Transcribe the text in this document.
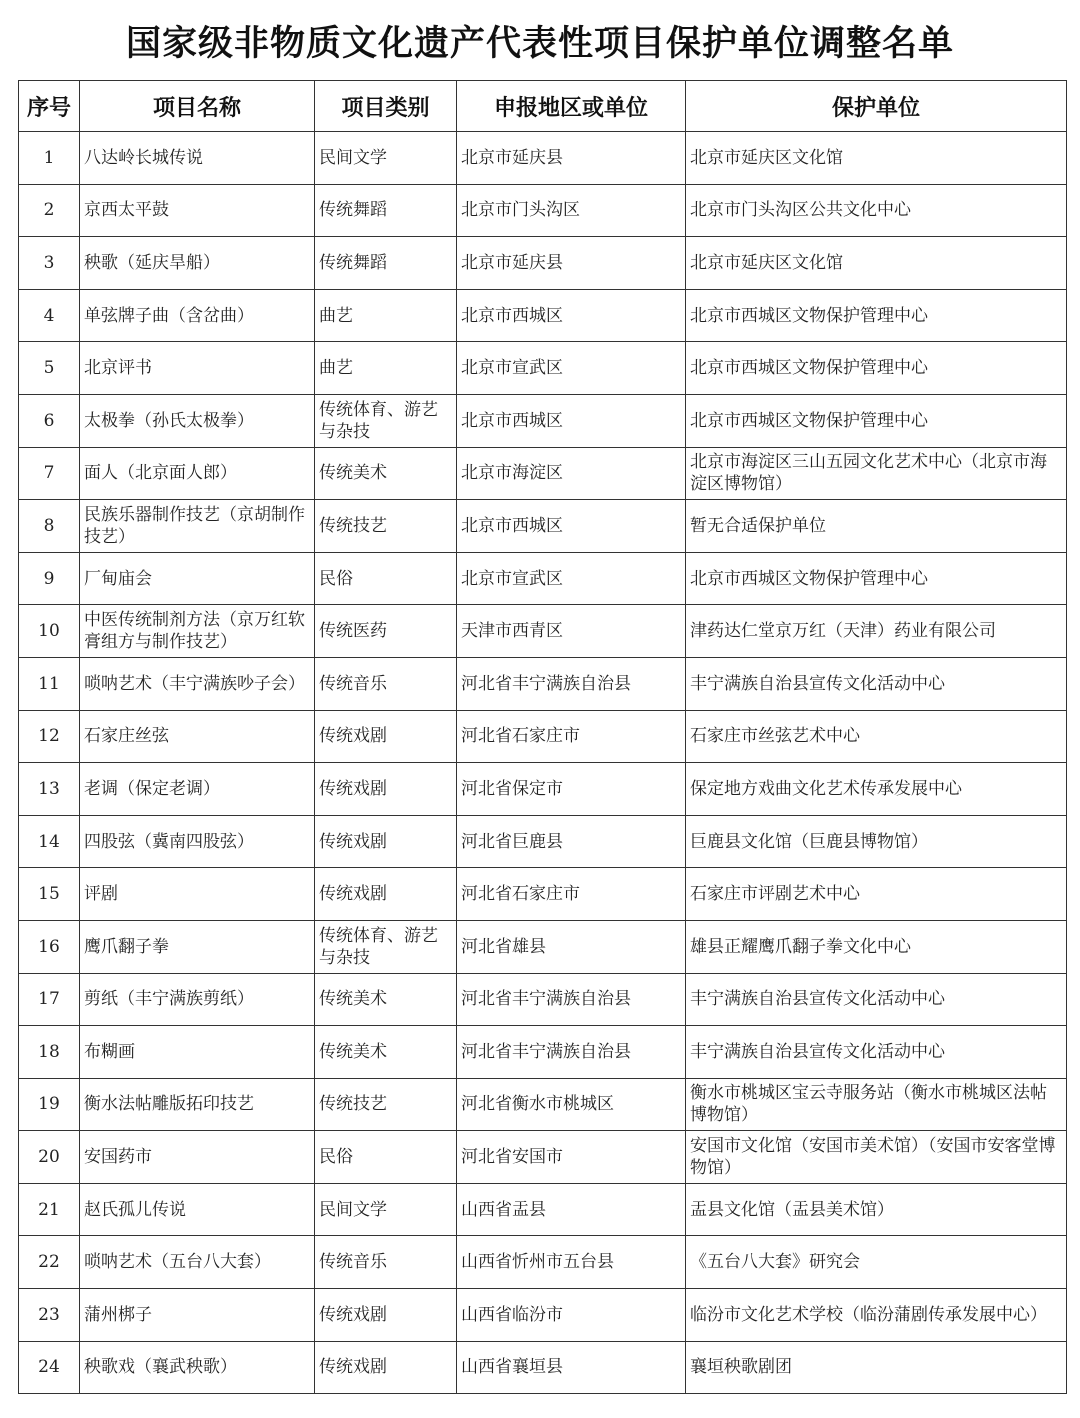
国家级非物质文化遗产代表性项目保护单位调整名单
序号	项目名称	项目类别	申报地区或单位	保护单位
1	八达岭长城传说	民间文学	北京市延庆县	北京市延庆区文化馆
2	京西太平鼓	传统舞蹈	北京市门头沟区	北京市门头沟区公共文化中心
3	秧歌（延庆旱船）	传统舞蹈	北京市延庆县	北京市延庆区文化馆
4	单弦牌子曲（含岔曲）	曲艺	北京市西城区	北京市西城区文物保护管理中心
5	北京评书	曲艺	北京市宣武区	北京市西城区文物保护管理中心
6	太极拳（孙氏太极拳）	传统体育、游艺与杂技	北京市西城区	北京市西城区文物保护管理中心
7	面人（北京面人郎）	传统美术	北京市海淀区	北京市海淀区三山五园文化艺术中心（北京市海淀区博物馆）
8	民族乐器制作技艺（京胡制作技艺）	传统技艺	北京市西城区	暂无合适保护单位
9	厂甸庙会	民俗	北京市宣武区	北京市西城区文物保护管理中心
10	中医传统制剂方法（京万红软膏组方与制作技艺）	传统医药	天津市西青区	津药达仁堂京万红（天津）药业有限公司
11	唢呐艺术（丰宁满族吵子会）	传统音乐	河北省丰宁满族自治县	丰宁满族自治县宣传文化活动中心
12	石家庄丝弦	传统戏剧	河北省石家庄市	石家庄市丝弦艺术中心
13	老调（保定老调）	传统戏剧	河北省保定市	保定地方戏曲文化艺术传承发展中心
14	四股弦（冀南四股弦）	传统戏剧	河北省巨鹿县	巨鹿县文化馆（巨鹿县博物馆）
15	评剧	传统戏剧	河北省石家庄市	石家庄市评剧艺术中心
16	鹰爪翻子拳	传统体育、游艺与杂技	河北省雄县	雄县正耀鹰爪翻子拳文化中心
17	剪纸（丰宁满族剪纸）	传统美术	河北省丰宁满族自治县	丰宁满族自治县宣传文化活动中心
18	布糊画	传统美术	河北省丰宁满族自治县	丰宁满族自治县宣传文化活动中心
19	衡水法帖雕版拓印技艺	传统技艺	河北省衡水市桃城区	衡水市桃城区宝云寺服务站（衡水市桃城区法帖博物馆）
20	安国药市	民俗	河北省安国市	安国市文化馆（安国市美术馆）（安国市安客堂博物馆）
21	赵氏孤儿传说	民间文学	山西省盂县	盂县文化馆（盂县美术馆）
22	唢呐艺术（五台八大套）	传统音乐	山西省忻州市五台县	《五台八大套》研究会
23	蒲州梆子	传统戏剧	山西省临汾市	临汾市文化艺术学校（临汾蒲剧传承发展中心）
24	秧歌戏（襄武秧歌）	传统戏剧	山西省襄垣县	襄垣秧歌剧团
